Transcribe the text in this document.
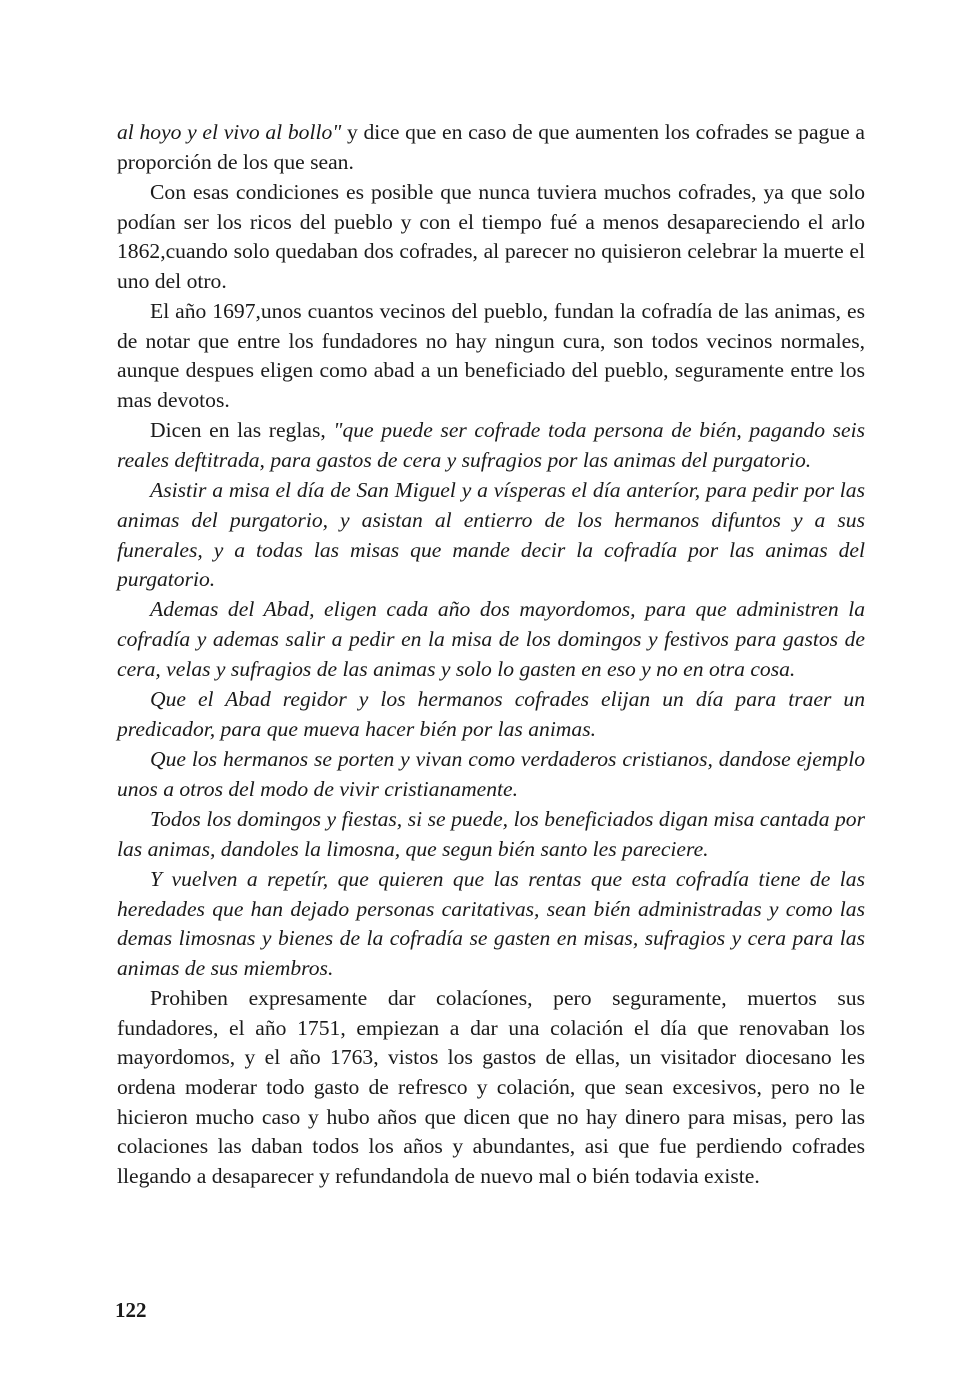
al hoyo y el vivo al bollo" y dice que en caso de que aumenten los cofrades se pague a proporción de los que sean.

Con esas condiciones es posible que nunca tuviera muchos cofrades, ya que solo podían ser los ricos del pueblo y con el tiempo fué a menos desapareciendo el arlo 1862,cuando solo quedaban dos cofrades, al parecer no quisieron celebrar la muerte el uno del otro.

El año 1697,unos cuantos vecinos del pueblo, fundan la cofradía de las animas, es de notar que entre los fundadores no hay ningun cura, son todos vecinos normales, aunque despues eligen como abad a un beneficiado del pueblo, seguramente entre los mas devotos.

Dicen en las reglas, "que puede ser cofrade toda persona de bién, pagando seis reales deftitrada, para gastos de cera y sufragios por las animas del purgatorio.

Asistir a misa el día de San Miguel y a vísperas el día anteríor, para pedir por las animas del purgatorio, y asistan al entierro de los hermanos difuntos y a sus funerales, y a todas las misas que mande decir la cofradía por las animas del purgatorio.

Ademas del Abad, eligen cada año dos mayordomos, para que administren la cofradía y ademas salir a pedir en la misa de los domingos y festivos para gastos de cera, velas y sufragios de las animas y solo lo gasten en eso y no en otra cosa.

Que el Abad regidor y los hermanos cofrades elijan un día para traer un predicador, para que mueva hacer bién por las animas.

Que los hermanos se porten y vivan como verdaderos cristianos, dandose ejemplo unos a otros del modo de vivir cristianamente.

Todos los domingos y fiestas, si se puede, los beneficiados digan misa cantada por las animas, dandoles la limosna, que segun bién santo les pareciere.

Y vuelven a repetír, que quieren que las rentas que esta cofradía tiene de las heredades que han dejado personas caritativas, sean bién administradas y como las demas limosnas y bienes de la cofradía se gasten en misas, sufragios y cera para las animas de sus miembros.

Prohiben expresamente dar colacíones, pero seguramente, muertos sus fundadores, el año 1751, empiezan a dar una colación el día que renovaban los mayordomos, y el año 1763, vistos los gastos de ellas, un visitador diocesano les ordena moderar todo gasto de refresco y colación, que sean excesivos, pero no le hicieron mucho caso y hubo años que dicen que no hay dinero para misas, pero las colaciones las daban todos los años y abundantes, asi que fue perdiendo cofrades llegando a desaparecer y refundandola de nuevo mal o bién todavia existe.

122
